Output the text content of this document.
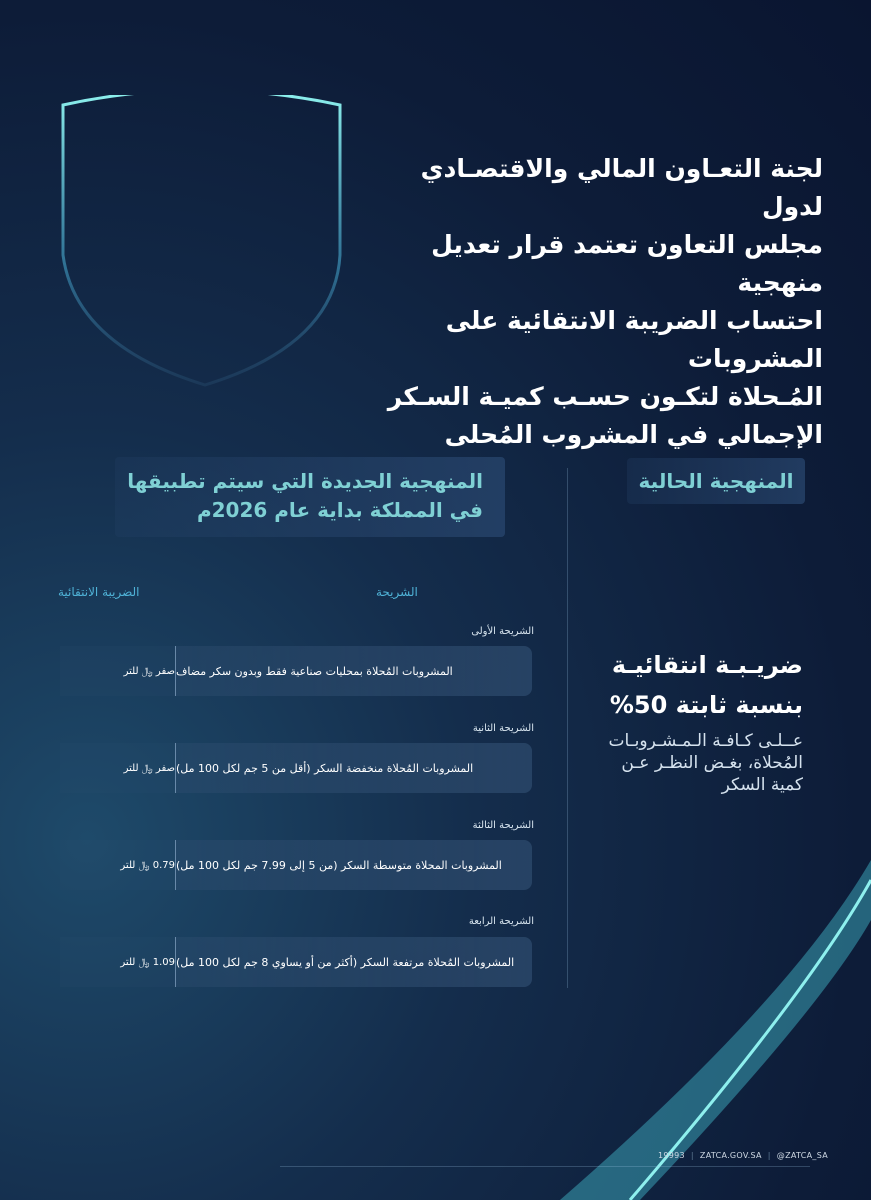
لجنة التعـاون المالي والاقتصـادي لدول
مجلس التعاون تعتمد قرار تعديل منهجية
احتساب الضريبة الانتقائية على المشروبات
المُـحلاة لتكـون حسـب كميـة السـكر
الإجمالي في المشروب المُحلى
المنهجية الحالية
المنهجية الجديدة التي سيتم تطبيقها
في المملكة بداية عام 2026م
الشريحة
الضريبة الانتقائية
الشريحة الأولى
المشروبات المُحلاة بمحليات صناعية فقط وبدون سكر مضاف
صفر ﷼ للتر
الشريحة الثانية
المشروبات المُحلاة منخفضة السكر (أقل من 5 جم لكل 100 مل)
صفر ﷼ للتر
الشريحة الثالثة
المشروبات المحلاة متوسطة السكر (من 5 إلى 7.99 جم لكل 100 مل)
0.79 ﷼ للتر
الشريحة الرابعة
المشروبات المُحلاة مرتفعة السكر (أكثر من أو يساوي 8 جم لكل 100 مل)
1.09 ﷼ للتر
ضريـبـة انتقائيـة
بنسبة ثابتة 50%
عــلـى كـافـة الـمـشـروبـات
المُحلاة، بغـض النظـر عـن
كمية السكر
19993 | ZATCA.GOV.SA | @ZATCA_SA
